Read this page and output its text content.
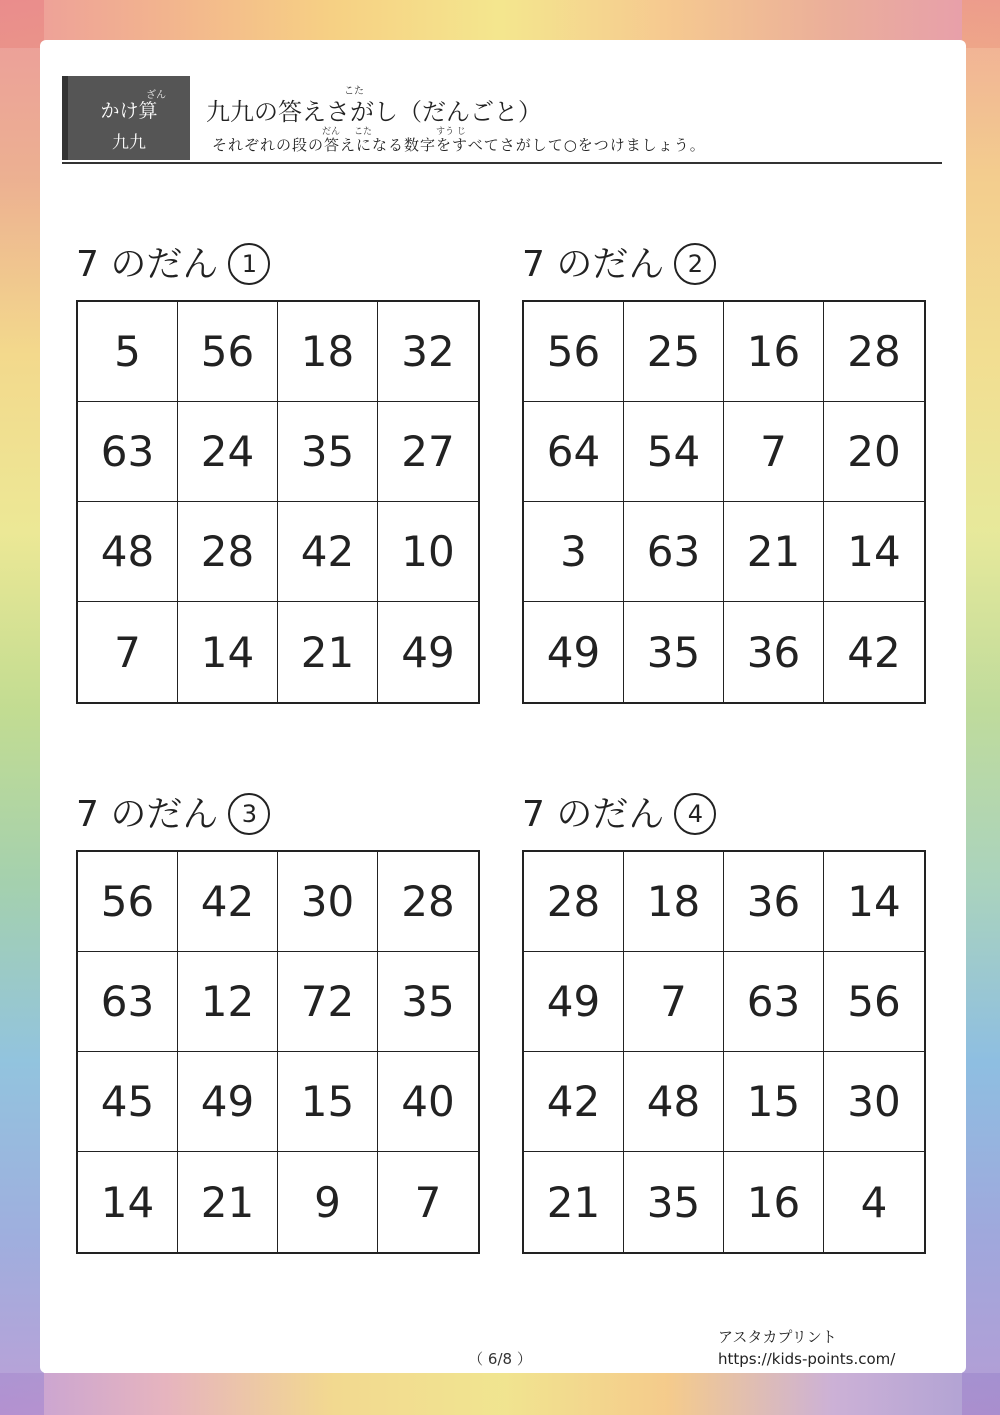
ざん
かけ算
九九
こた
九九の答えさがし（だんごと）
だん こた	すう じ
それぞれの段の答えになる数字をすべてさがして○をつけましょう。
7 のだん 1
5	56	18	32
63	24	35	27
48	28	42	10
7	14	21	49
7 のだん 2
56	25	16	28
64	54	7	20
3	63	21	14
49	35	36	42
7 のだん 3
56	42	30	28
63	12	72	35
45	49	15	40
14	21	9	7
7 のだん 4
28	18	36	14
49	7	63	56
42	48	15	30
21	35	16	4
（ 6/8 ）
アスタカプリント
https://kids-points.com/
